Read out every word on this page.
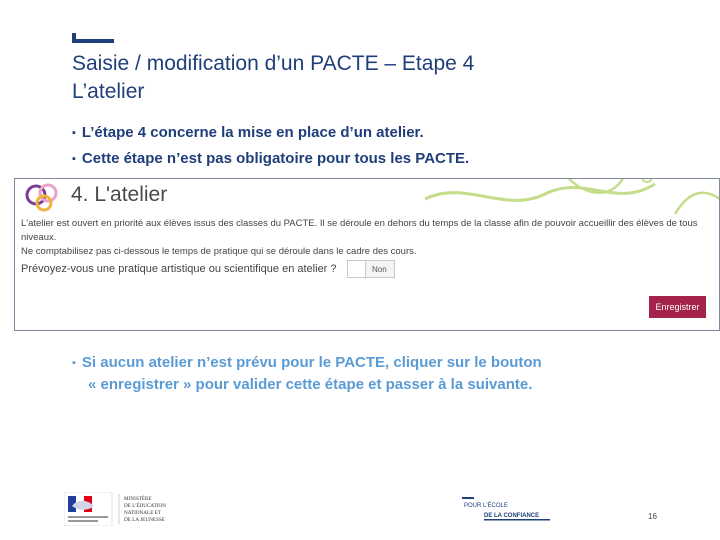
Saisie / modification d’un PACTE – Etape 4
L’atelier
▪ L’étape 4 concerne la mise en place d’un atelier.
▪ Cette étape n’est pas obligatoire pour tous les PACTE.
4. L'atelier
L'atelier est ouvert en priorité aux élèves issus des classes du PACTE. Il se déroule en dehors du temps de la classe afin de pouvoir accueillir des élèves de tous niveaux.
Ne comptabilisez pas ci-dessous le temps de pratique qui se déroule dans le cadre des cours.
Prévoyez-vous une pratique artistique ou scientifique en atelier ?	Non
Enregistrer
▪ Si aucun atelier n’est prévu pour le PACTE, cliquer sur le bouton
« enregistrer » pour valider cette étape et passer à la suivante.
MINISTÈRE
DE L'ÉDUCATION
NATIONALE ET
DE LA JEUNESSE
POUR L'ÉCOLE
DE LA CONFIANCE	16
